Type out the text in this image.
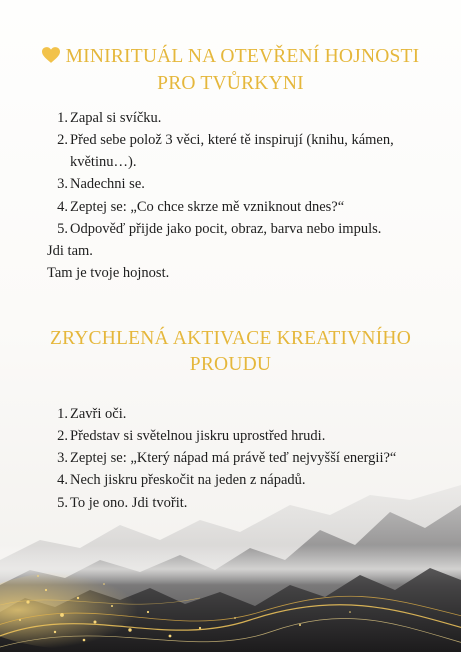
MINIRITUÁL NA OTEVŘENÍ HOJNOSTI
PRO TVŮRKYNI
1. Zapal si svíčku.
2. Před sebe polož 3 věci, které tě inspirují (knihu, kámen,
květinu…).
3. Nadechni se.
4. Zeptej se: „Co chce skrze mě vzniknout dnes?“
5. Odpověď přijde jako pocit, obraz, barva nebo impuls.
Jdi tam.
Tam je tvoje hojnost.
ZRYCHLENÁ AKTIVACE KREATIVNÍHO
PROUDU
1. Zavři oči.
2. Představ si světelnou jiskru uprostřed hrudi.
3. Zeptej se: „Který nápad má právě teď nejvyšší energii?“
4. Nech jiskru přeskočit na jeden z nápadů.
5. To je ono. Jdi tvořit.
